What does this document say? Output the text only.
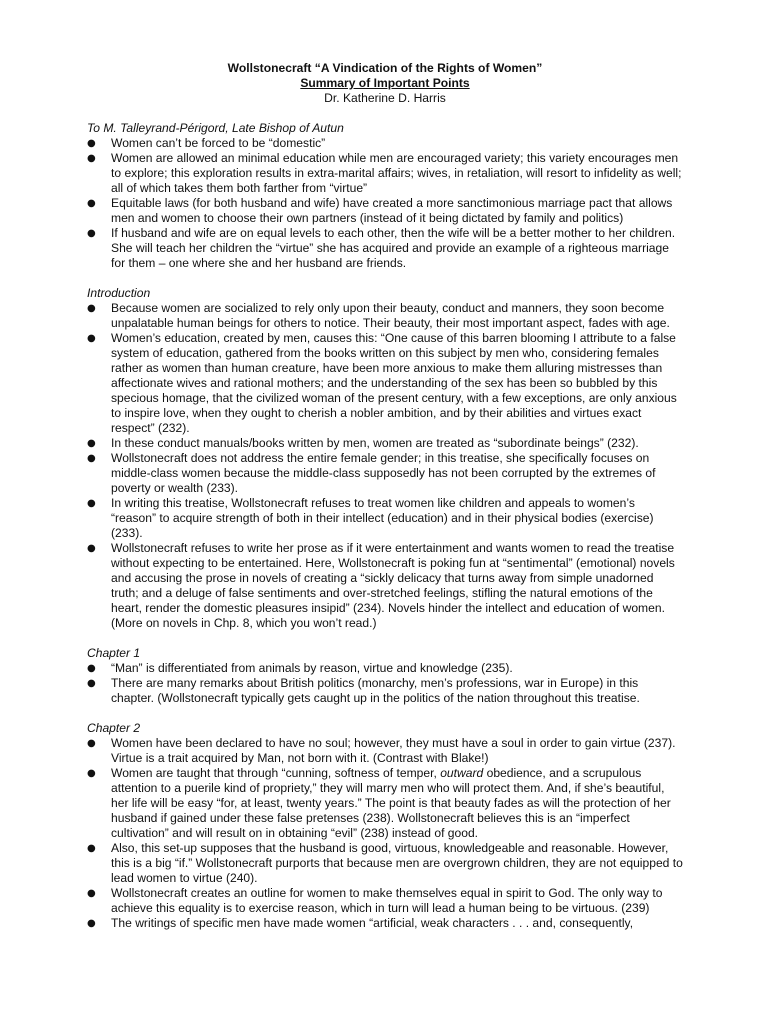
Wollstonecraft “A Vindication of the Rights of Women”
Summary of Important Points
Dr. Katherine D. Harris
To M. Talleyrand-Périgord, Late Bishop of Autun
●	Women can’t be forced to be “domestic”
●	Women are allowed an minimal education while men are encouraged variety; this variety encourages men to explore; this exploration results in extra-marital affairs; wives, in retaliation, will resort to infidelity as well; all of which takes them both farther from “virtue”
●	Equitable laws (for both husband and wife) have created a more sanctimonious marriage pact that allows men and women to choose their own partners (instead of it being dictated by family and politics)
●	If husband and wife are on equal levels to each other, then the wife will be a better mother to her children. She will teach her children the “virtue” she has acquired and provide an example of a righteous marriage for them – one where she and her husband are friends.
Introduction
●	Because women are socialized to rely only upon their beauty, conduct and manners, they soon become unpalatable human beings for others to notice. Their beauty, their most important aspect, fades with age.
●	Women’s education, created by men, causes this: “One cause of this barren blooming I attribute to a false system of education, gathered from the books written on this subject by men who, considering females rather as women than human creature, have been more anxious to make them alluring mistresses than affectionate wives and rational mothers; and the understanding of the sex has been so bubbled by this specious homage, that the civilized woman of the present century, with a few exceptions, are only anxious to inspire love, when they ought to cherish a nobler ambition, and by their abilities and virtues exact respect” (232).
●	In these conduct manuals/books written by men, women are treated as “subordinate beings” (232).
●	Wollstonecraft does not address the entire female gender; in this treatise, she specifically focuses on middle-class women because the middle-class supposedly has not been corrupted by the extremes of poverty or wealth (233).
●	In writing this treatise, Wollstonecraft refuses to treat women like children and appeals to women’s “reason” to acquire strength of both in their intellect (education) and in their physical bodies (exercise) (233).
●	Wollstonecraft refuses to write her prose as if it were entertainment and wants women to read the treatise without expecting to be entertained. Here, Wollstonecraft is poking fun at “sentimental” (emotional) novels and accusing the prose in novels of creating a “sickly delicacy that turns away from simple unadorned truth; and a deluge of false sentiments and over-stretched feelings, stifling the natural emotions of the heart, render the domestic pleasures insipid” (234). Novels hinder the intellect and education of women. (More on novels in Chp. 8, which you won’t read.)
Chapter 1
●	“Man” is differentiated from animals by reason, virtue and knowledge (235).
●	There are many remarks about British politics (monarchy, men’s professions, war in Europe) in this chapter. (Wollstonecraft typically gets caught up in the politics of the nation throughout this treatise.
Chapter 2
●	Women have been declared to have no soul; however, they must have a soul in order to gain virtue (237). Virtue is a trait acquired by Man, not born with it. (Contrast with Blake!)
●	Women are taught that through “cunning, softness of temper, outward obedience, and a scrupulous attention to a puerile kind of propriety,” they will marry men who will protect them. And, if she’s beautiful, her life will be easy “for, at least, twenty years.” The point is that beauty fades as will the protection of her husband if gained under these false pretenses (238). Wollstonecraft believes this is an “imperfect cultivation” and will result on in obtaining “evil” (238) instead of good.
●	Also, this set-up supposes that the husband is good, virtuous, knowledgeable and reasonable. However, this is a big “if.” Wollstonecraft purports that because men are overgrown children, they are not equipped to lead women to virtue (240).
●	Wollstonecraft creates an outline for women to make themselves equal in spirit to God. The only way to achieve this equality is to exercise reason, which in turn will lead a human being to be virtuous. (239)
●	The writings of specific men have made women “artificial, weak characters . . . and, consequently,
